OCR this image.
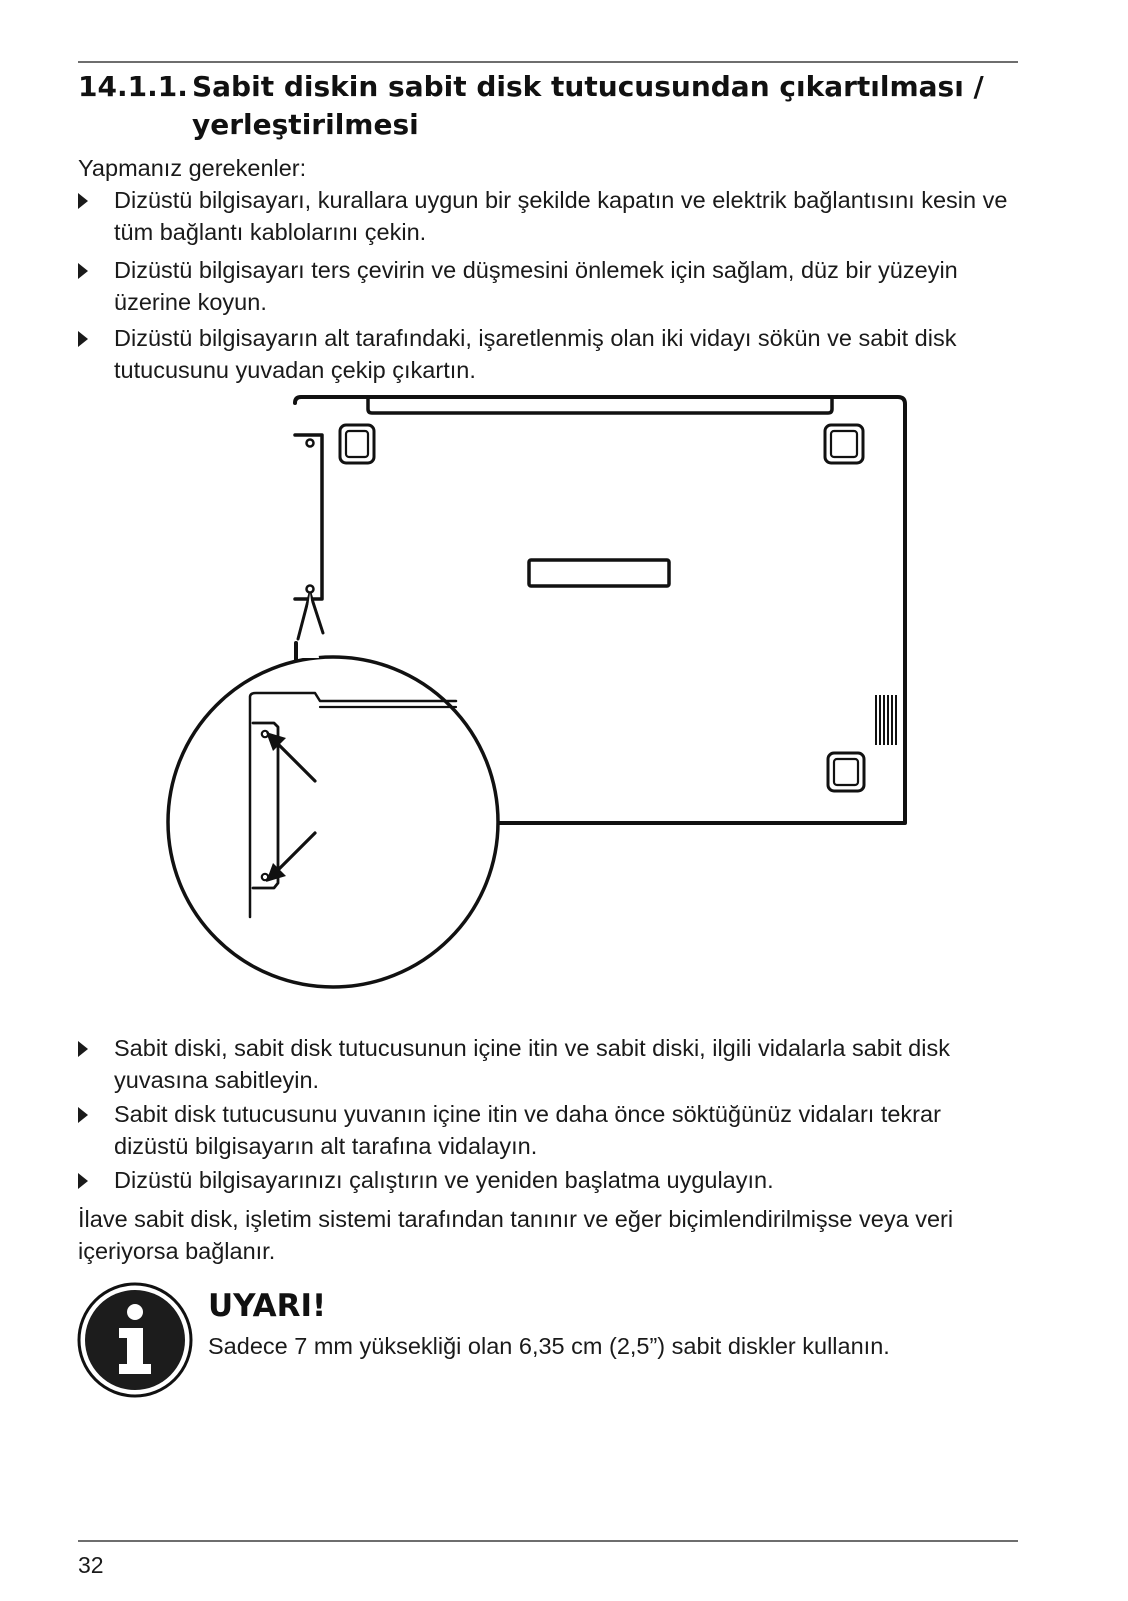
14.1.1. Sabit diskin sabit disk tutucusundan çıkartılması / yerleştirilmesi
Yapmanız gerekenler:
Dizüstü bilgisayarı, kurallara uygun bir şekilde kapatın ve elektrik bağlantısını kesin ve tüm bağlantı kablolarını çekin.
Dizüstü bilgisayarı ters çevirin ve düşmesini önlemek için sağlam, düz bir yüzeyin üzerine koyun.
Dizüstü bilgisayarın alt tarafındaki, işaretlenmiş olan iki vidayı sökün ve sabit disk tutucusunu yuvadan çekip çıkartın.
Sabit diski, sabit disk tutucusunun içine itin ve sabit diski, ilgili vidalarla sabit disk yuvasına sabitleyin.
Sabit disk tutucusunu yuvanın içine itin ve daha önce söktüğünüz vidaları tekrar dizüstü bilgisayarın alt tarafına vidalayın.
Dizüstü bilgisayarınızı çalıştırın ve yeniden başlatma uygulayın.
İlave sabit disk, işletim sistemi tarafından tanınır ve eğer biçimlendirilmişse veya veri içeriyorsa bağlanır.
UYARI!
Sadece 7 mm yüksekliği olan 6,35 cm (2,5”) sabit diskler kullanın.
32
